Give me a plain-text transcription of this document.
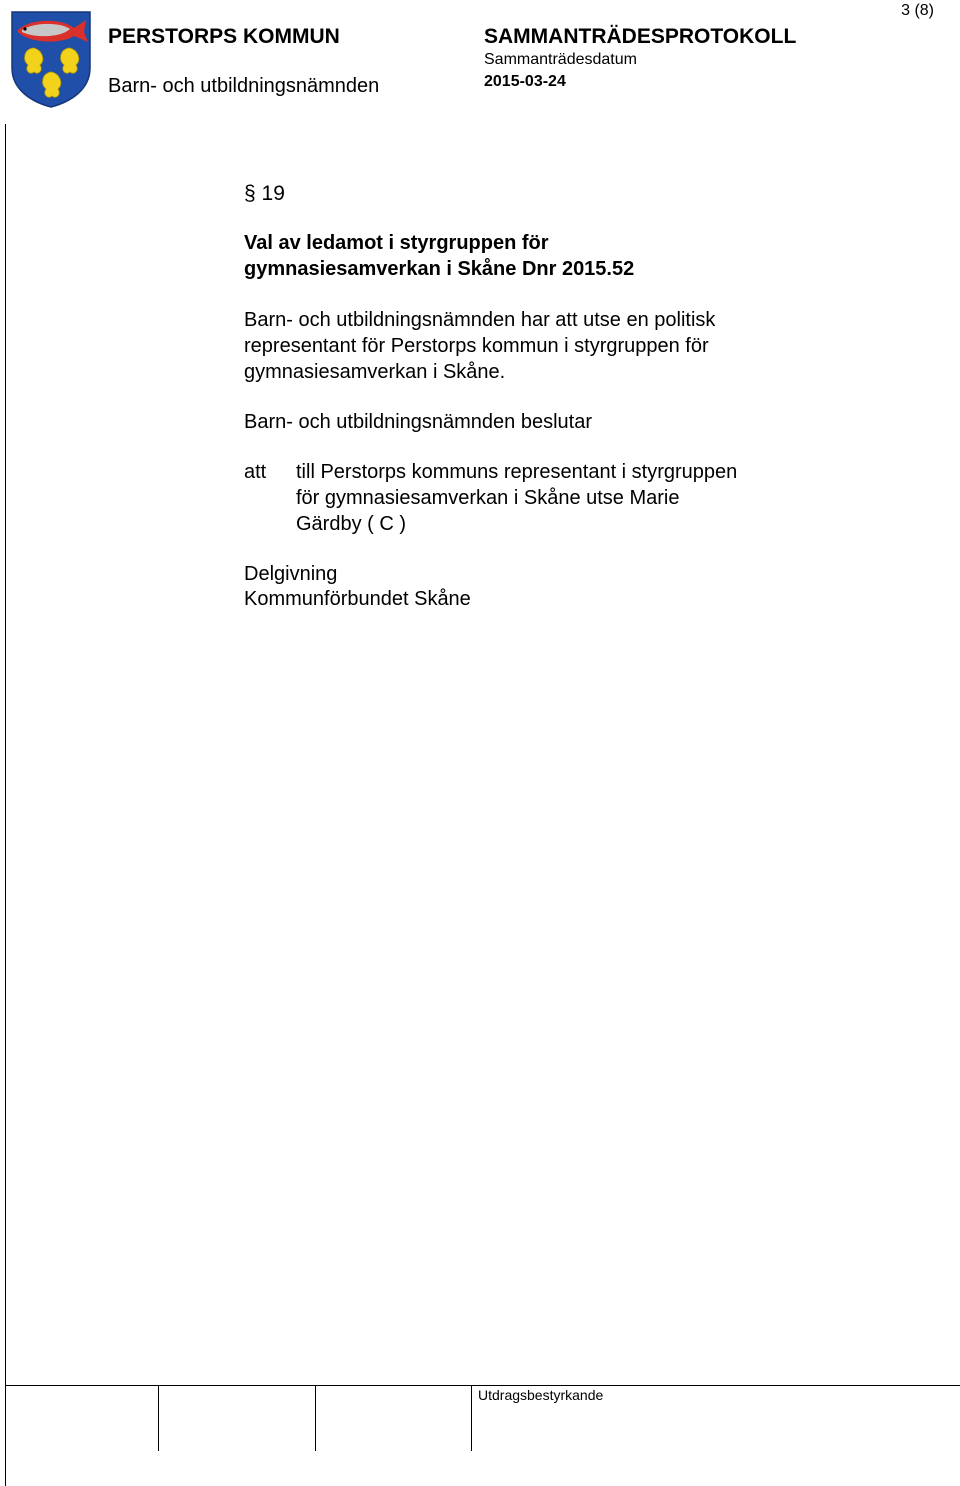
3 (8)
PERSTORPS KOMMUN
Barn- och utbildningsnämnden
SAMMANTRÄDESPROTOKOLL
Sammanträdesdatum
2015-03-24
§ 19
Val av ledamot i styrgruppen för
gymnasiesamverkan i Skåne Dnr 2015.52
Barn- och utbildningsnämnden har att utse en politisk
representant för Perstorps kommun i styrgruppen för
gymnasiesamverkan i Skåne.
Barn- och utbildningsnämnden beslutar
att till Perstorps kommuns representant i styrgruppen
för gymnasiesamverkan i Skåne utse Marie
Gärdby ( C )
Delgivning
Kommunförbundet Skåne
Utdragsbestyrkande
